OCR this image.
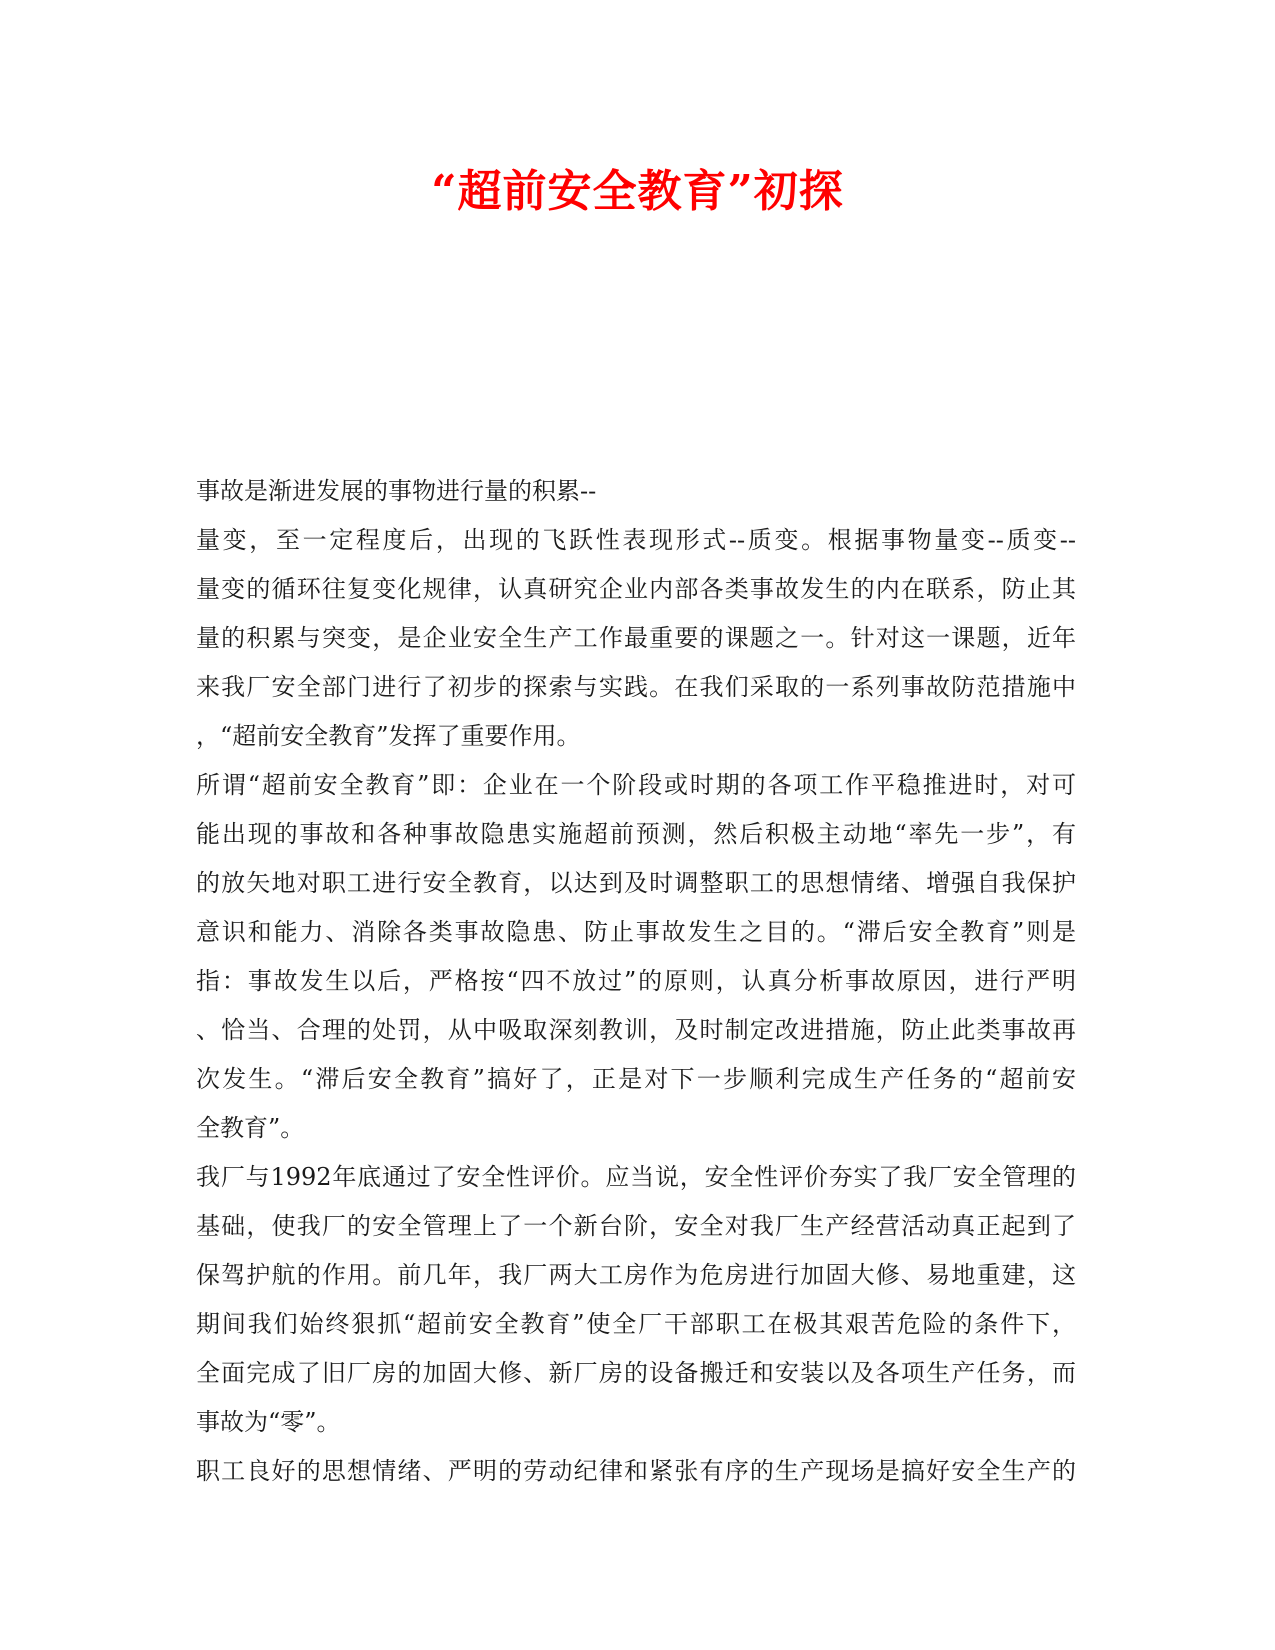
“超前安全教育”初探
事故是渐进发展的事物进行量的积累--
量变，至一定程度后，出现的飞跃性表现形式--质变。根据事物量变--质变--
量变的循环往复变化规律，认真研究企业内部各类事故发生的内在联系，防止其
量的积累与突变，是企业安全生产工作最重要的课题之一。针对这一课题，近年
来我厂安全部门进行了初步的探索与实践。在我们采取的一系列事故防范措施中
，“超前安全教育”发挥了重要作用。
所谓“超前安全教育”即：企业在一个阶段或时期的各项工作平稳推进时，对可
能出现的事故和各种事故隐患实施超前预测，然后积极主动地“率先一步”，有
的放矢地对职工进行安全教育，以达到及时调整职工的思想情绪、增强自我保护
意识和能力、消除各类事故隐患、防止事故发生之目的。“滞后安全教育”则是
指：事故发生以后，严格按“四不放过”的原则，认真分析事故原因，进行严明
、恰当、合理的处罚，从中吸取深刻教训，及时制定改进措施，防止此类事故再
次发生。“滞后安全教育”搞好了，正是对下一步顺利完成生产任务的“超前安
全教育”。
我厂与1992年底通过了安全性评价。应当说，安全性评价夯实了我厂安全管理的
基础，使我厂的安全管理上了一个新台阶，安全对我厂生产经营活动真正起到了
保驾护航的作用。前几年，我厂两大工房作为危房进行加固大修、易地重建，这
期间我们始终狠抓“超前安全教育”使全厂干部职工在极其艰苦危险的条件下，
全面完成了旧厂房的加固大修、新厂房的设备搬迁和安装以及各项生产任务，而
事故为“零”。
职工良好的思想情绪、严明的劳动纪律和紧张有序的生产现场是搞好安全生产的
